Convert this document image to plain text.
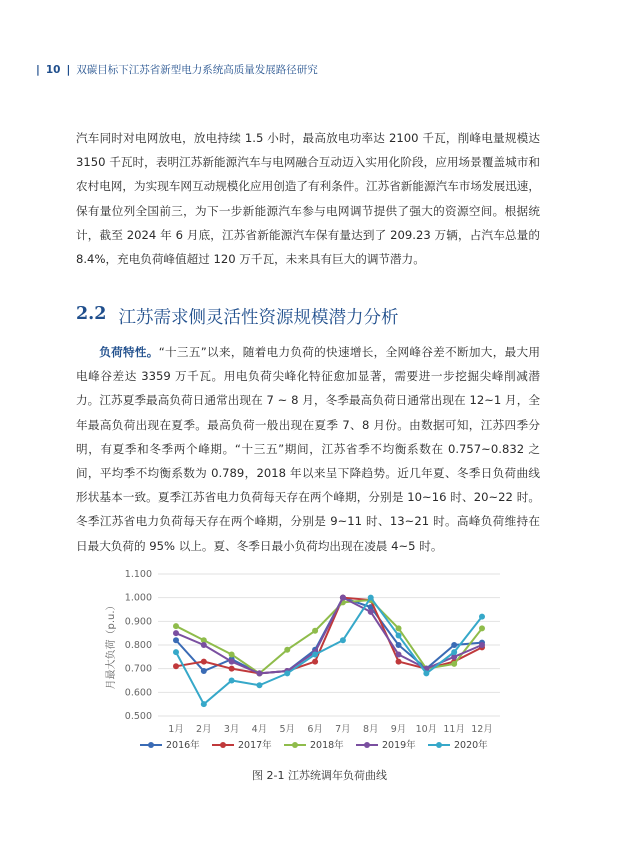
| 10 | 双碳目标下江苏省新型电力系统高质量发展路径研究

汽车同时对电网放电，放电持续 1.5 小时，最高放电功率达 2100 千瓦，削峰电量规模达 3150 千瓦时，表明江苏新能源汽车与电网融合互动迈入实用化阶段，应用场景覆盖城市和农村电网，为实现车网互动规模化应用创造了有利条件。江苏省新能源汽车市场发展迅速，保有量位列全国前三，为下一步新能源汽车参与电网调节提供了强大的资源空间。根据统计，截至 2024 年 6 月底，江苏省新能源汽车保有量达到了 209.23 万辆，占汽车总量的 8.4%，充电负荷峰值超过 120 万千瓦，未来具有巨大的调节潜力。

2.2 江苏需求侧灵活性资源规模潜力分析

负荷特性。“十三五”以来，随着电力负荷的快速增长，全网峰谷差不断加大，最大用电峰谷差达 3359 万千瓦。用电负荷尖峰化特征愈加显著，需要进一步挖掘尖峰削减潜力。江苏夏季最高负荷日通常出现在 7 ~ 8 月，冬季最高负荷日通常出现在 12~1 月，全年最高负荷出现在夏季。最高负荷一般出现在夏季 7、8 月份。由数据可知，江苏四季分明，有夏季和冬季两个峰期。“十三五”期间，江苏省季不均衡系数在 0.757~0.832 之间，平均季不均衡系数为 0.789，2018 年以来呈下降趋势。近几年夏、冬季日负荷曲线形状基本一致。夏季江苏省电力负荷每天存在两个峰期，分别是 10~16 时、20~22 时。冬季江苏省电力负荷每天存在两个峰期，分别是 9~11 时、13~21 时。高峰负荷维持在日最大负荷的 95% 以上。夏、冬季日最小负荷均出现在凌晨 4~5 时。

0.500
0.600
0.700
0.800
0.900
1.000
1.100
1月 2月 3月 4月 5月 6月 7月 8月 9月 10月 11月 12月
月最大负荷（p.u.）
2016年	2017年	2018年	2019年	2020年
图 2-1 江苏统调年负荷曲线
